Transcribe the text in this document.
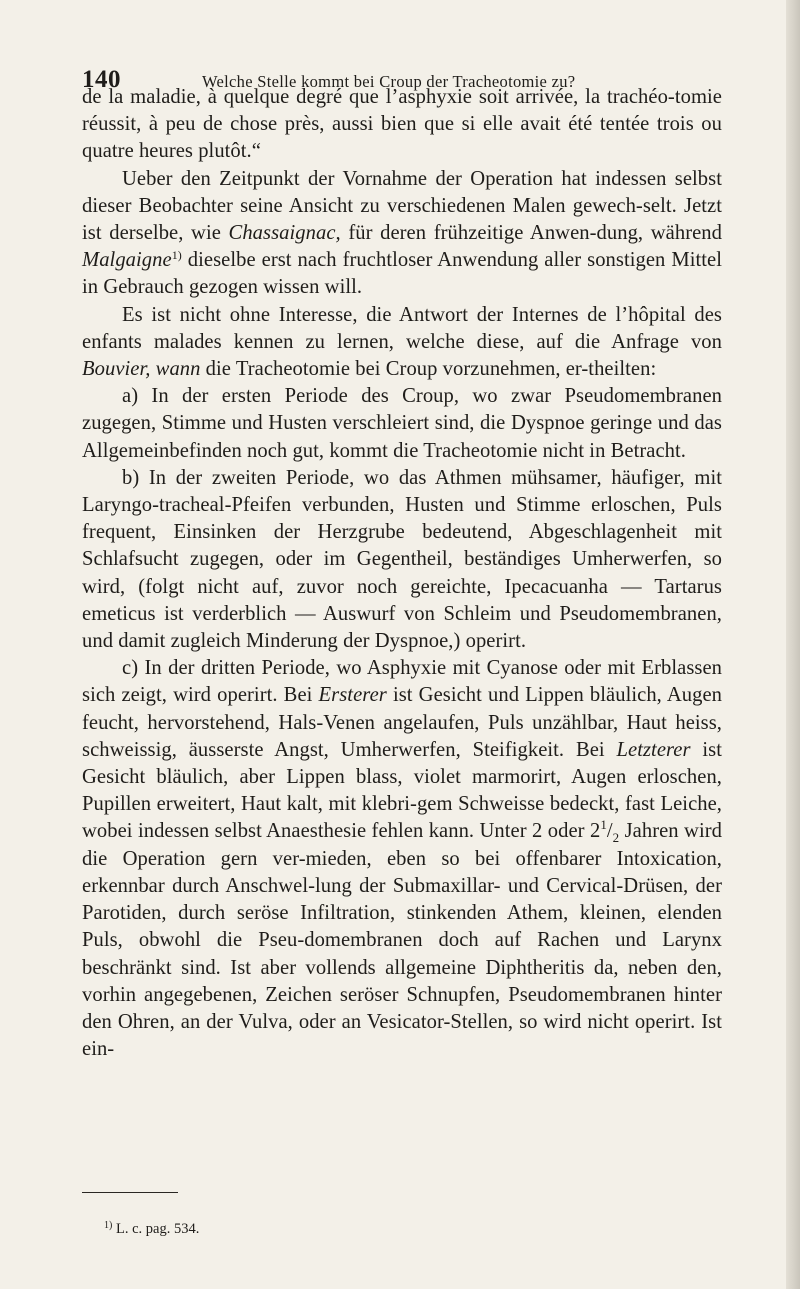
140	Welche Stelle kommt bei Croup der Tracheotomie zu?

de la maladie, à quelque degré que l’asphyxie soit arrivée, la trachéo-tomie réussit, à peu de chose près, aussi bien que si elle avait été tentée trois ou quatre heures plutôt.“

Ueber den Zeitpunkt der Vornahme der Operation hat indessen selbst dieser Beobachter seine Ansicht zu verschiedenen Malen gewech-selt. Jetzt ist derselbe, wie Chassaignac, für deren frühzeitige Anwen-dung, während Malgaigne$^{1)}$ dieselbe erst nach fruchtloser Anwendung aller sonstigen Mittel in Gebrauch gezogen wissen will.

Es ist nicht ohne Interesse, die Antwort der Internes de l’hôpital des enfants malades kennen zu lernen, welche diese, auf die Anfrage von Bouvier, wann die Tracheotomie bei Croup vorzunehmen, er-theilten:

a) In der ersten Periode des Croup, wo zwar Pseudomembranen zugegen, Stimme und Husten verschleiert sind, die Dyspnoe geringe und das Allgemeinbefinden noch gut, kommt die Tracheotomie nicht in Betracht.

b) In der zweiten Periode, wo das Athmen mühsamer, häufiger, mit Laryngo-tracheal-Pfeifen verbunden, Husten und Stimme erloschen, Puls frequent, Einsinken der Herzgrube bedeutend, Abgeschlagenheit mit Schlafsucht zugegen, oder im Gegentheil, beständiges Umherwerfen, so wird, (folgt nicht auf, zuvor noch gereichte, Ipecacuanha — Tartarus emeticus ist verderblich — Auswurf von Schleim und Pseudomembranen, und damit zugleich Minderung der Dyspnoe,) operirt.

c) In der dritten Periode, wo Asphyxie mit Cyanose oder mit Erblassen sich zeigt, wird operirt. Bei Ersterer ist Gesicht und Lippen bläulich, Augen feucht, hervorstehend, Hals-Venen angelaufen, Puls unzählbar, Haut heiss, schweissig, äusserste Angst, Umherwerfen, Steifigkeit. Bei Letzterer ist Gesicht bläulich, aber Lippen blass, violet marmorirt, Augen erloschen, Pupillen erweitert, Haut kalt, mit klebri-gem Schweisse bedeckt, fast Leiche, wobei indessen selbst Anaesthesie fehlen kann. Unter 2 oder $2^1/_2$ Jahren wird die Operation gern ver-mieden, eben so bei offenbarer Intoxication, erkennbar durch Anschwel-lung der Submaxillar- und Cervical-Drüsen, der Parotiden, durch seröse Infiltration, stinkenden Athem, kleinen, elenden Puls, obwohl die Pseu-domembranen doch auf Rachen und Larynx beschränkt sind. Ist aber vollends allgemeine Diphtheritis da, neben den, vorhin angegebenen, Zeichen seröser Schnupfen, Pseudomembranen hinter den Ohren, an der Vulva, oder an Vesicator-Stellen, so wird nicht operirt. Ist ein-

$^{1)}$ L. c. pag. 534.
